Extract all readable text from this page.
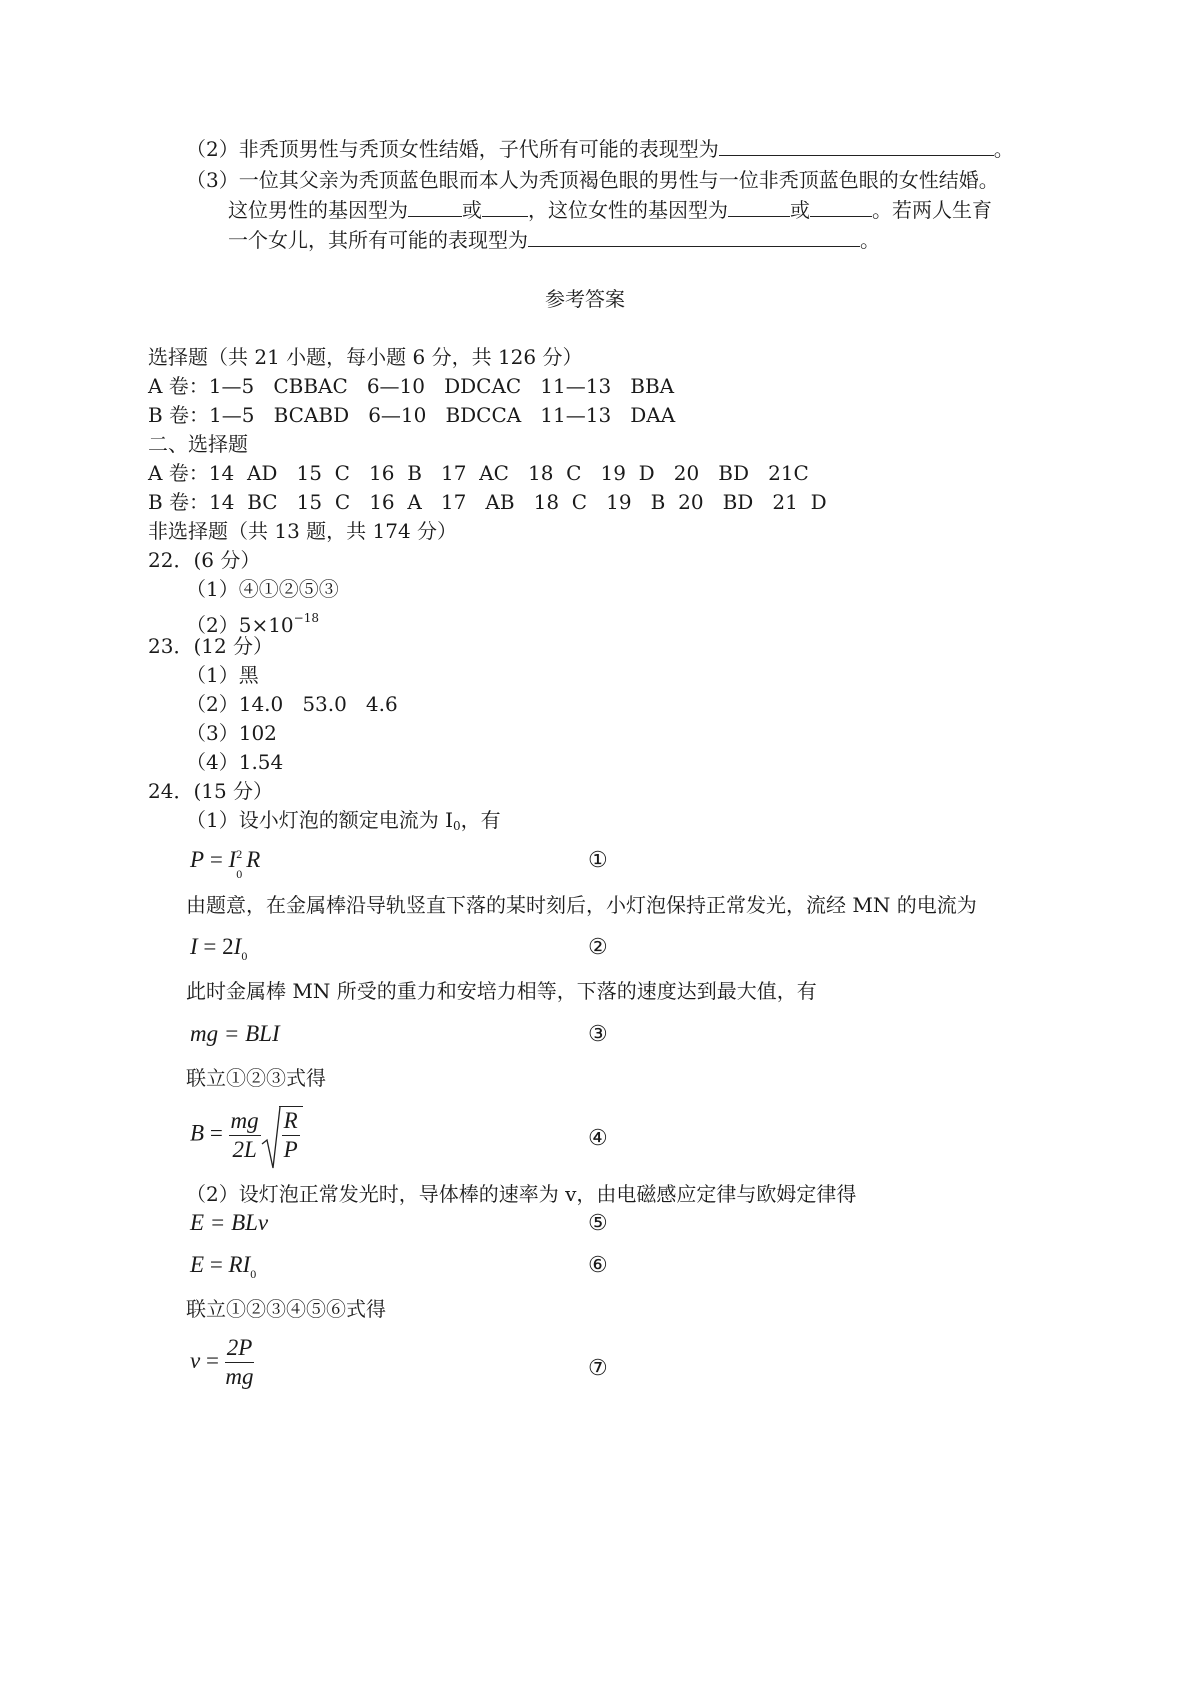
（2）非秃顶男性与秃顶女性结婚，子代所有可能的表现型为	。
（3）一位其父亲为秃顶蓝色眼而本人为秃顶褐色眼的男性与一位非秃顶蓝色眼的女性结婚。
这位男性的基因型为	或 ，这位女性的基因型为	或	。若两人生育
一个女儿，其所有可能的表现型为	。
参考答案
选择题（共 21 小题，每小题 6 分，共 126 分）
A 卷：1—5   CBBAC   6—10   DDCAC   11—13   BBA
B 卷：1—5   BCABD   6—10   BDCCA   11—13   DAA
二、选择题
A 卷：14  AD   15  C   16  B   17  AC   18  C   19  D   20   BD   21C
B 卷：14  BC   15  C   16  A   17   AB   18  C   19   B  20   BD   21  D
非选择题（共 13 题，共 174 分）
22．(6 分）
（1）④①②⑤③
$(2)5\times 10^{-18}$
23．(12 分）
（1）黑
（2）14.0   53.0   4.6
（3）102
（4）1.54
24．(15 分）
（1）设小灯泡的额定电流为 $I_0$，有
P = I 2
0
R	①
由题意，在金属棒沿导轨竖直下落的某时刻后，小灯泡保持正常发光，流经 MN 的电流为
$I = 2I_0$	②
此时金属棒 MN 所受的重力和安培力相等，下落的速度达到最大值，有
mg = BLI	③
联立①②③式得
$B = \frac{mg}{2L} \frac{R}{P}$	④
（2）设灯泡正常发光时，导体棒的速率为 v，由电磁感应定律与欧姆定律得
E = BLv	⑤
$E = RI_0$	⑥
联立①②③④⑤⑥式得
$v = \frac{2P}{mg}$	⑦
